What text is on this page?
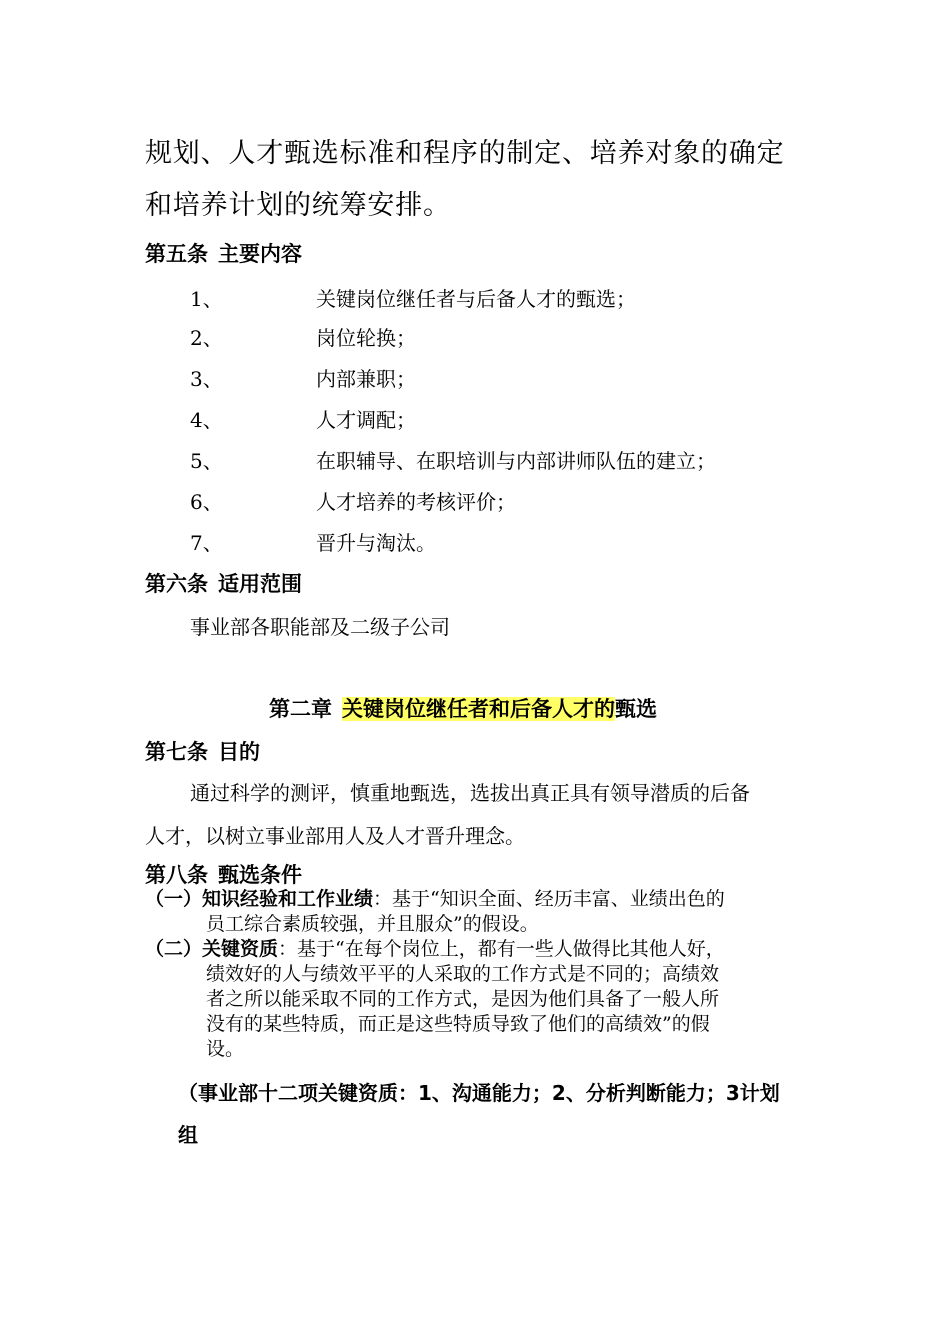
规划、人才甄选标准和程序的制定、培养对象的确定
和培养计划的统筹安排。
第五条 主要内容
1、	关键岗位继任者与后备人才的甄选；
2、	岗位轮换；
3、	内部兼职；
4、	人才调配；
5、	在职辅导、在职培训与内部讲师队伍的建立；
6、	人才培养的考核评价；
7、	晋升与淘汰。
第六条 适用范围
事业部各职能部及二级子公司
第二章 关键岗位继任者和后备人才的甄选
第七条 目的
通过科学的测评，慎重地甄选，选拔出真正具有领导潜质的后备
人才，以树立事业部用人及人才晋升理念。
第八条 甄选条件
（一）知识经验和工作业绩：基于“知识全面、经历丰富、业绩出色的
员工综合素质较强，并且服众”的假设。
（二）关键资质：基于“在每个岗位上，都有一些人做得比其他人好，
绩效好的人与绩效平平的人采取的工作方式是不同的；高绩效
者之所以能采取不同的工作方式，是因为他们具备了一般人所
没有的某些特质，而正是这些特质导致了他们的高绩效”的假
设。
（事业部十二项关键资质：1、沟通能力；2、分析判断能力；3计划
组
